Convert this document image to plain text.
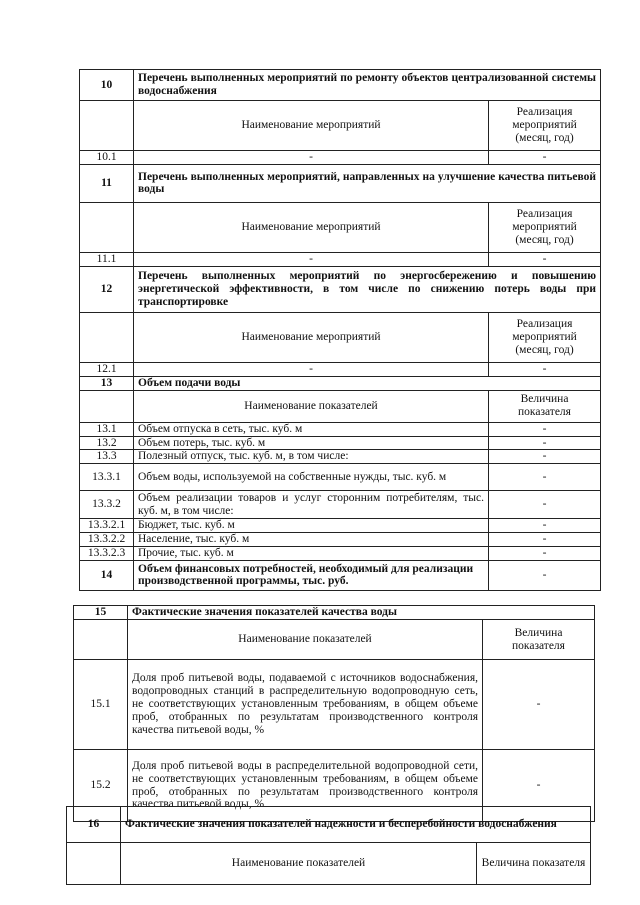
10	Перечень выполненных мероприятий по ремонту объектов централизованной системы водоснабжения	
	Наименование мероприятий	Реализация мероприятий (месяц, год)
10.1	-	-
11	Перечень выполненных мероприятий, направленных на улучшение качества питьевой воды	
	Наименование мероприятий	Реализация мероприятий (месяц, год)
11.1	-	-
12	Перечень выполненных мероприятий по энергосбережению и повышению энергетической эффективности, в том числе по снижению потерь воды при транспортировке	
	Наименование мероприятий	Реализация мероприятий (месяц, год)
12.1	-	-
13	Объем подачи воды	
	Наименование показателей	Величина показателя
13.1	Объем отпуска в сеть, тыс. куб. м	-
13.2	Объем потерь, тыс. куб. м	-
13.3	Полезный отпуск, тыс. куб. м, в том числе:	-
13.3.1	Объем воды, используемой на собственные нужды, тыс. куб. м	-
13.3.2	Объем реализации товаров и услуг сторонним потребителям, тыс. куб. м, в том числе:	-
13.3.2.1	Бюджет, тыс. куб. м	-
13.3.2.2	Население, тыс. куб. м	-
13.3.2.3	Прочие, тыс. куб. м	-
14	Объем финансовых потребностей, необходимый для реализации производственной программы, тыс. руб.	-
15	Фактические значения показателей качества воды	
	Наименование показателей	Величина показателя
15.1	Доля проб питьевой воды, подаваемой с источников водоснабжения, водопроводных станций в распределительную водопроводную сеть, не соответствующих установленным требованиям, в общем объеме проб, отобранных по результатам производственного контроля качества питьевой воды, %	-
15.2	Доля проб питьевой воды в распределительной водопроводной сети, не соответствующих установленным требованиям, в общем объеме проб, отобранных по результатам производственного контроля качества питьевой воды, %	-
16	Фактические значения показателей надежности и бесперебойности водоснабжения	
	Наименование показателей	Величина показателя
